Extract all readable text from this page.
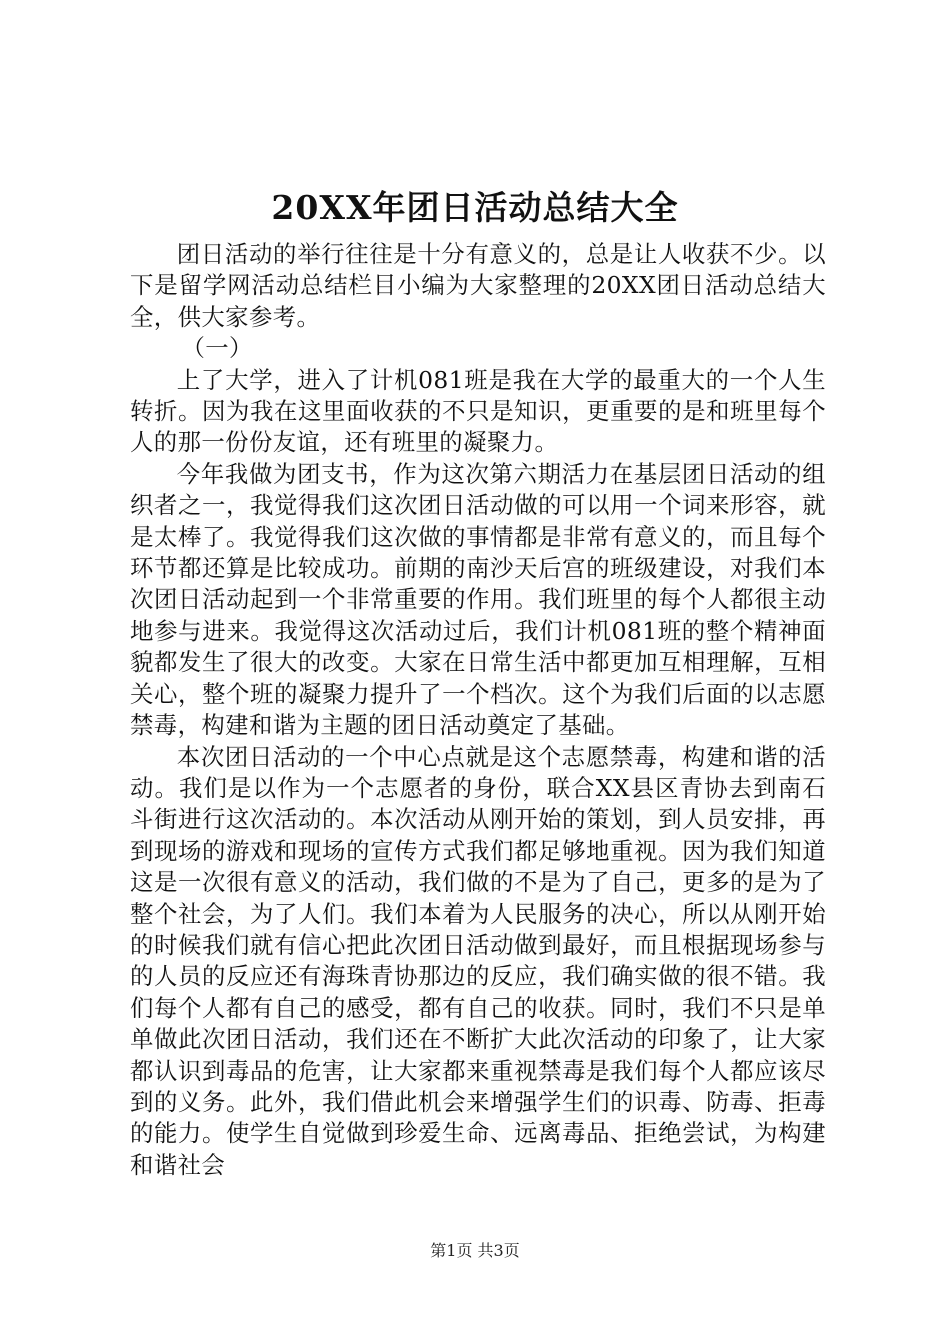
20XX年团日活动总结大全

团日活动的举行往往是十分有意义的，总是让人收获不少。以下是留学网活动总结栏目小编为大家整理的20XX团日活动总结大全，供大家参考。

（一）

上了大学，进入了计机081班是我在大学的最重大的一个人生转折。因为我在这里面收获的不只是知识，更重要的是和班里每个人的那一份份友谊，还有班里的凝聚力。

今年我做为团支书，作为这次第六期活力在基层团日活动的组织者之一，我觉得我们这次团日活动做的可以用一个词来形容，就是太棒了。我觉得我们这次做的事情都是非常有意义的，而且每个环节都还算是比较成功。前期的南沙天后宫的班级建设，对我们本次团日活动起到一个非常重要的作用。我们班里的每个人都很主动地参与进来。我觉得这次活动过后，我们计机081班的整个精神面貌都发生了很大的改变。大家在日常生活中都更加互相理解，互相关心，整个班的凝聚力提升了一个档次。这个为我们后面的以志愿禁毒，构建和谐为主题的团日活动奠定了基础。

本次团日活动的一个中心点就是这个志愿禁毒，构建和谐的活动。我们是以作为一个志愿者的身份，联合XX县区青协去到南石斗街进行这次活动的。本次活动从刚开始的策划，到人员安排，再到现场的游戏和现场的宣传方式我们都足够地重视。因为我们知道这是一次很有意义的活动，我们做的不是为了自己，更多的是为了整个社会，为了人们。我们本着为人民服务的决心，所以从刚开始的时候我们就有信心把此次团日活动做到最好，而且根据现场参与的人员的反应还有海珠青协那边的反应，我们确实做的很不错。我们每个人都有自己的感受，都有自己的收获。同时，我们不只是单单做此次团日活动，我们还在不断扩大此次活动的印象了，让大家都认识到毒品的危害，让大家都来重视禁毒是我们每个人都应该尽到的义务。此外，我们借此机会来增强学生们的识毒、防毒、拒毒的能力。使学生自觉做到珍爱生命、远离毒品、拒绝尝试，为构建和谐社会

第1页 共3页
